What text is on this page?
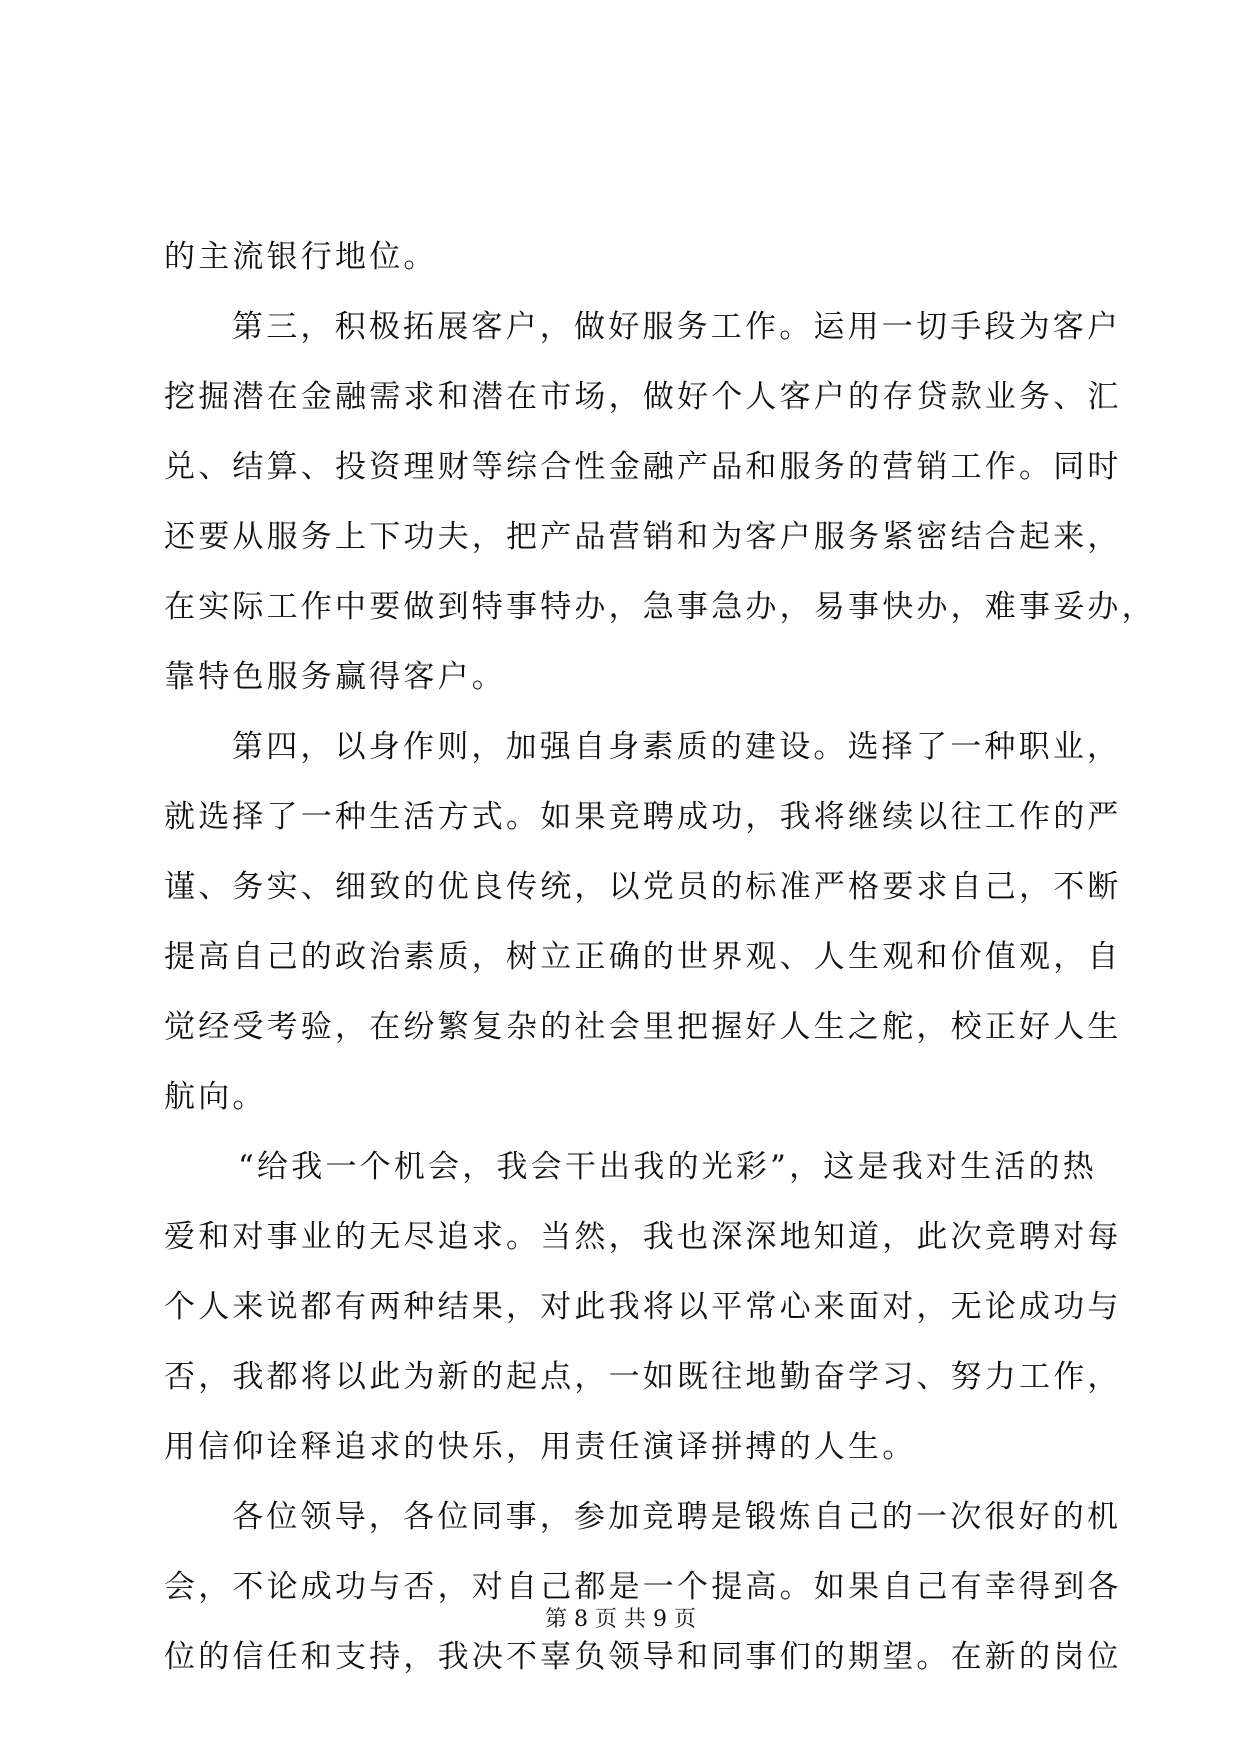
的主流银行地位。
第三，积极拓展客户，做好服务工作。运用一切手段为客户
挖掘潜在金融需求和潜在市场，做好个人客户的存贷款业务、汇
兑、结算、投资理财等综合性金融产品和服务的营销工作。同时
还要从服务上下功夫，把产品营销和为客户服务紧密结合起来，
在实际工作中要做到特事特办，急事急办，易事快办，难事妥办，
靠特色服务赢得客户。
第四，以身作则，加强自身素质的建设。选择了一种职业，
就选择了一种生活方式。如果竞聘成功，我将继续以往工作的严
谨、务实、细致的优良传统，以党员的标准严格要求自己，不断
提高自己的政治素质，树立正确的世界观、人生观和价值观，自
觉经受考验，在纷繁复杂的社会里把握好人生之舵，校正好人生
航向。
“给我一个机会，我会干出我的光彩”，这是我对生活的热
爱和对事业的无尽追求。当然，我也深深地知道，此次竞聘对每
个人来说都有两种结果，对此我将以平常心来面对，无论成功与
否，我都将以此为新的起点，一如既往地勤奋学习、努力工作，
用信仰诠释追求的快乐，用责任演译拼搏的人生。
各位领导，各位同事，参加竞聘是锻炼自己的一次很好的机
会，不论成功与否，对自己都是一个提高。如果自己有幸得到各
位的信任和支持，我决不辜负领导和同事们的期望。在新的岗位
第 8 页 共 9 页
